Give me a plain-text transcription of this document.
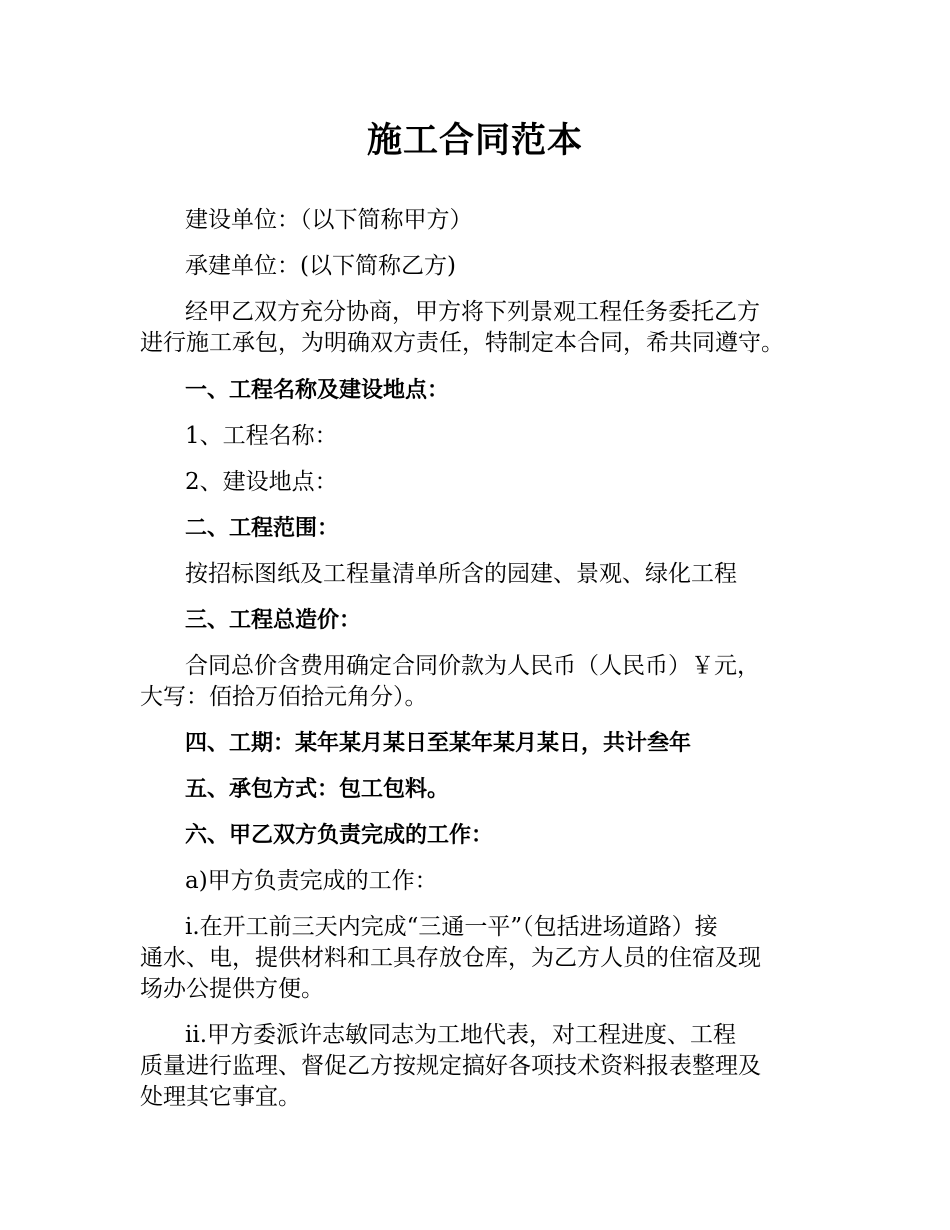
施工合同范本

建设单位：（以下简称甲方）

承建单位：(以下简称乙方)

经甲乙双方充分协商，甲方将下列景观工程任务委托乙方
进行施工承包，为明确双方责任，特制定本合同，希共同遵守。

一、工程名称及建设地点：

1、工程名称：

2、建设地点：

二、工程范围：

按招标图纸及工程量清单所含的园建、景观、绿化工程

三、工程总造价：

合同总价含费用确定合同价款为人民币（人民币）￥元，
大写：佰拾万佰拾元角分）。

四、工期：某年某月某日至某年某月某日，共计叁年

五、承包方式：包工包料。

六、甲乙双方负责完成的工作：

a)甲方负责完成的工作：

i.在开工前三天内完成“三通一平”（包括进场道路）接
通水、电，提供材料和工具存放仓库，为乙方人员的住宿及现
场办公提供方便。

ii.甲方委派许志敏同志为工地代表，对工程进度、工程
质量进行监理、督促乙方按规定搞好各项技术资料报表整理及
处理其它事宜。
